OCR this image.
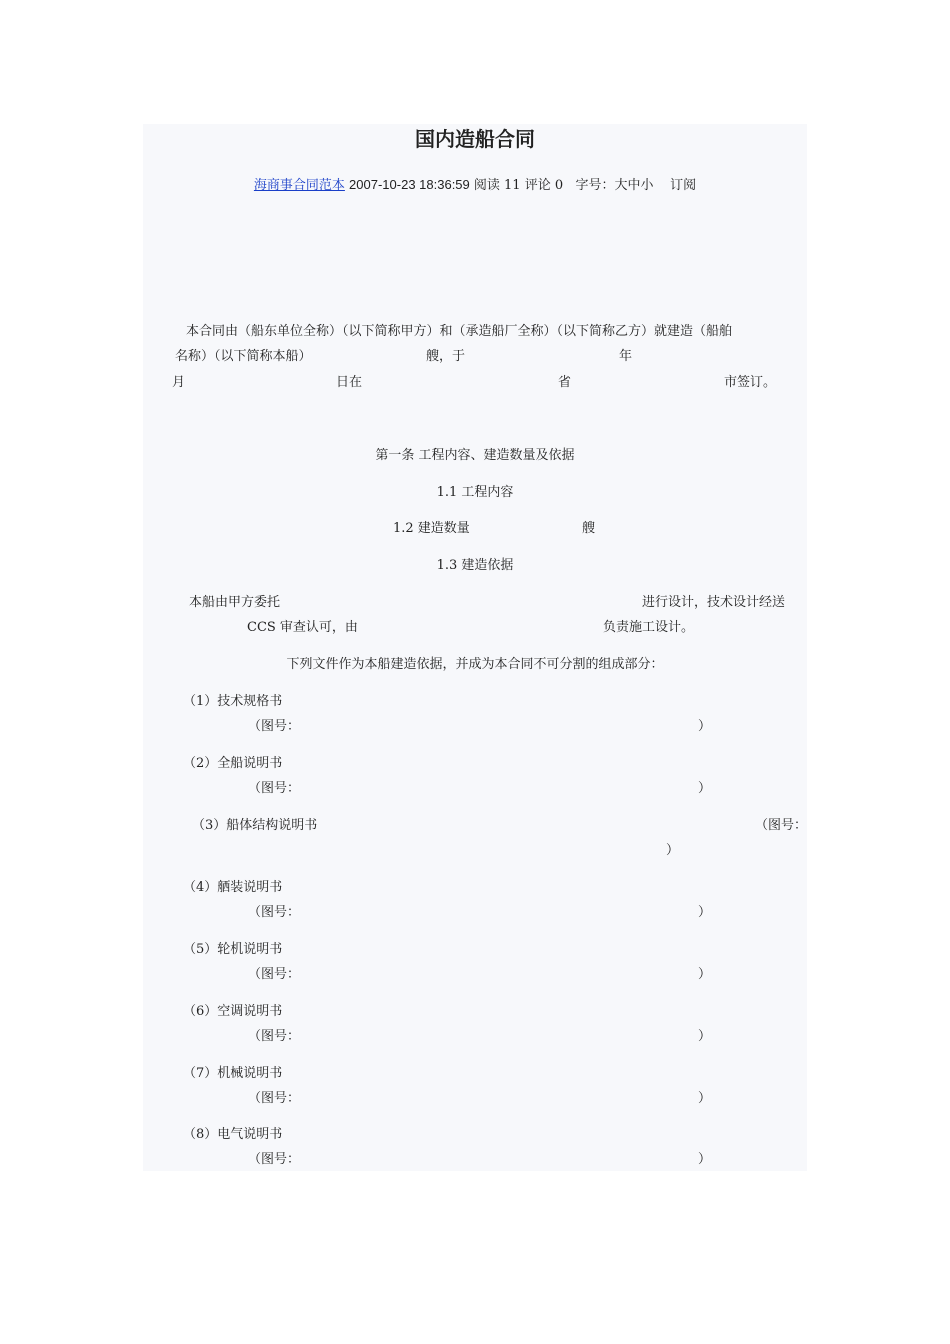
国内造船合同
海商事合同范本 2007-10-23 18:36:59 阅读 11 评论 0 字号：大中小 订阅
本合同由（船东单位全称）（以下简称甲方）和（承造船厂全称）（以下简称乙方）就建造（船舶
名称）（以下简称本船）	艘，于	年
月	日在	省	市签订。
第一条 工程内容、建造数量及依据
1.1 工程内容
1.2 建造数量	艘
1.3 建造依据
本船由甲方委托	进行设计，技术设计经送
CCS 审查认可，由	负责施工设计。
下列文件作为本船建造依据，并成为本合同不可分割的组成部分：
（1）技术规格书
（图号：	）
（2）全船说明书
（图号：	）
（3）船体结构说明书	（图号：
）
（4）舾装说明书
（图号：	）
（5）轮机说明书
（图号：	）
（6）空调说明书
（图号：	）
（7）机械说明书
（图号：	）
（8）电气说明书
（图号：	）
